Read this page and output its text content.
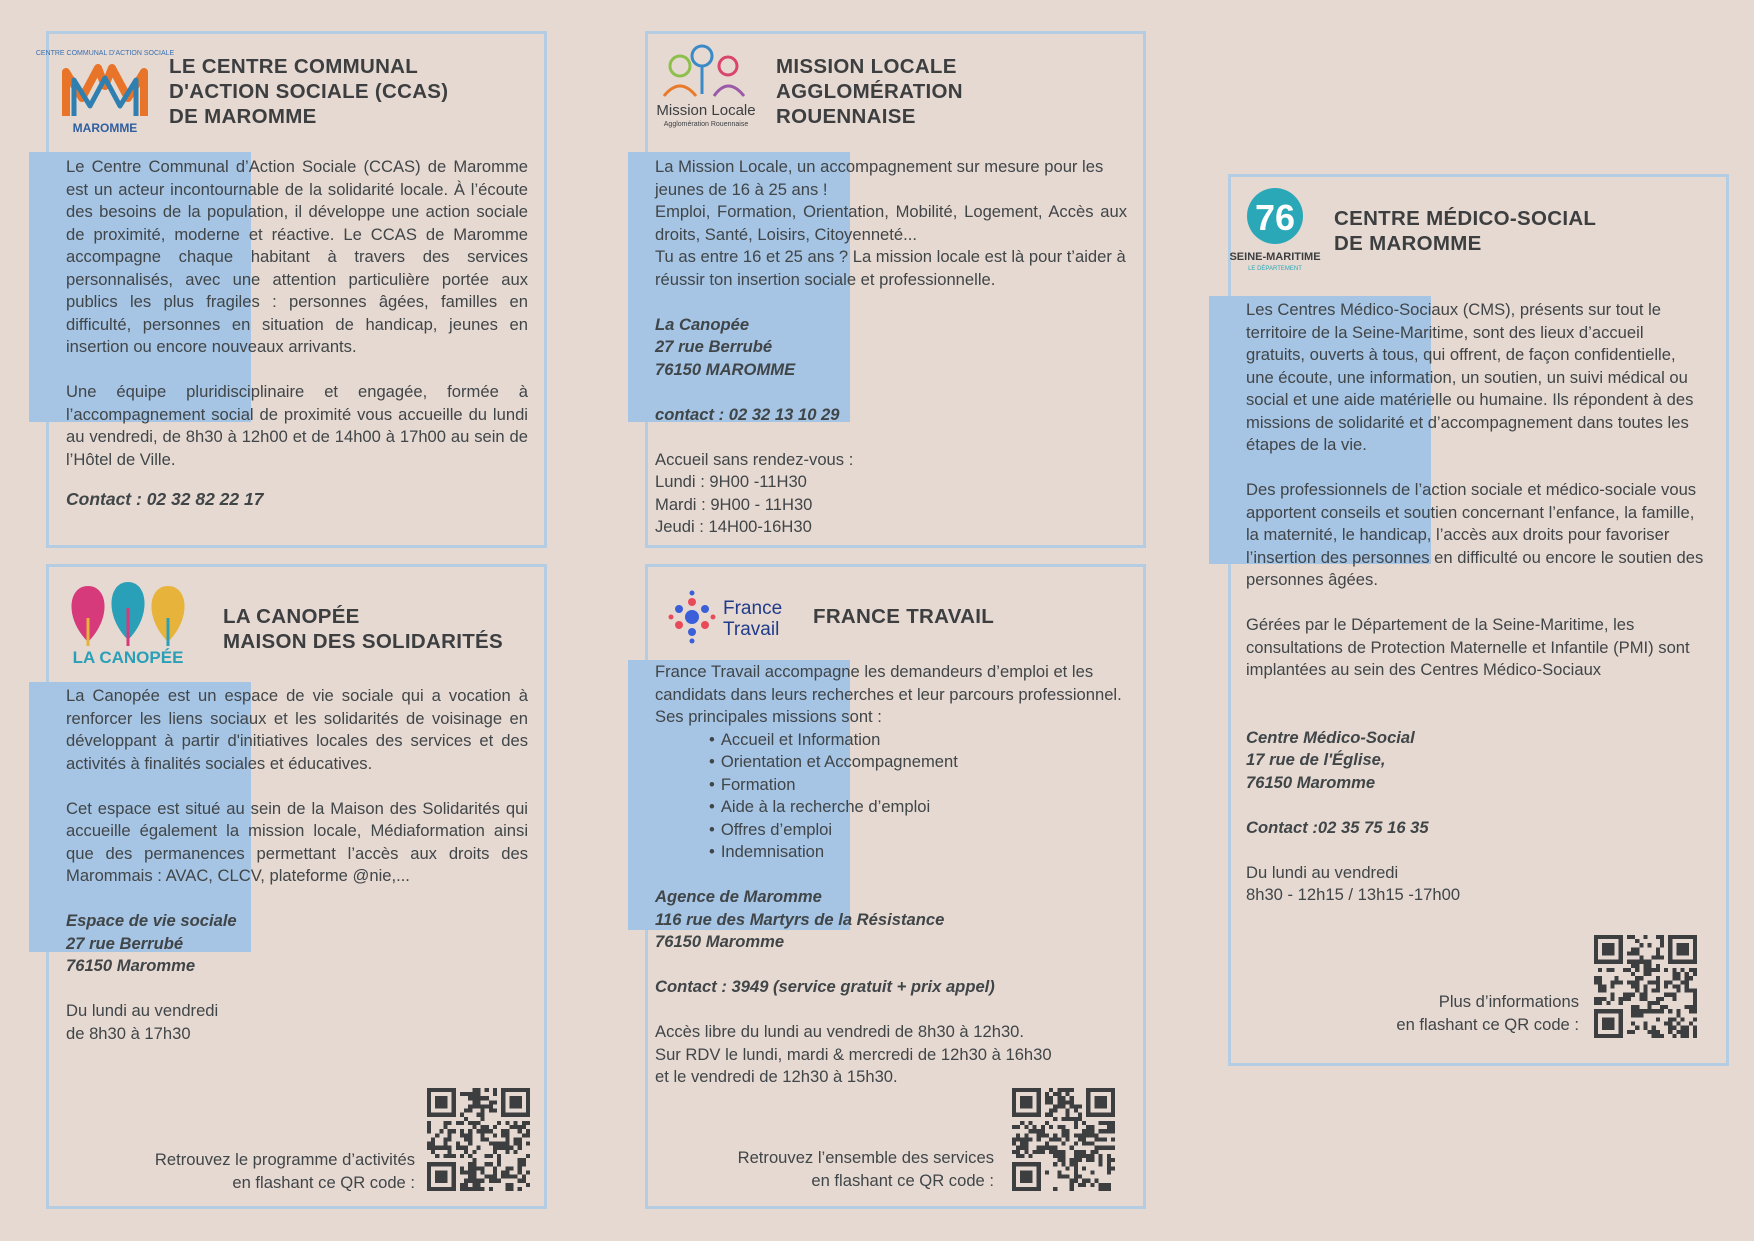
CENTRE COMMUNAL D'ACTION SOCIALE
MAROMME
LE CENTRE COMMUNAL
D'ACTION SOCIALE (CCAS)
DE MAROMME

Le Centre Communal d’Action Sociale (CCAS) de Maromme est un acteur incontournable de la solidarité locale. À l’écoute des besoins de la population, il développe une action sociale de proximité, moderne et réactive. Le CCAS de Maromme accompagne chaque habitant à travers des services personnalisés, avec une attention particulière portée aux publics les plus fragiles : personnes âgées, familles en difficulté, personnes en situation de handicap, jeunes en insertion ou encore nouveaux arrivants.

Une équipe pluridisciplinaire et engagée, formée à l’accompagnement social de proximité vous accueille du lundi au vendredi, de 8h30 à 12h00 et de 14h00 à 17h00 au sein de l’Hôtel de Ville.

Contact : 02 32 82 22 17

Mission Locale
Agglomération Rouennaise
MISSION LOCALE
AGGLOMÉRATION
ROUENNAISE

La Mission Locale, un accompagnement sur mesure pour les jeunes de 16 à 25 ans !

Emploi, Formation, Orientation, Mobilité, Logement, Accès aux droits, Santé, Loisirs, Citoyenneté...

Tu as entre 16 et 25 ans ? La mission locale est là pour t’aider à réussir ton insertion sociale et professionnelle.

La Canopée

27 rue Berrubé

76150 MAROMME

contact : 02 32 13 10 29

Accueil sans rendez-vous :

Lundi : 9H00 -11H30

Mardi : 9H00 - 11H30

Jeudi : 14H00-16H30

76
SEINE-MARITIME
LE DÉPARTEMENT
CENTRE MÉDICO-SOCIAL
DE MAROMME

Les Centres Médico-Sociaux (CMS), présents sur tout le territoire de la Seine-Maritime, sont des lieux d’accueil gratuits, ouverts à tous, qui offrent, de façon confidentielle, une écoute, une information, un soutien, un suivi médical ou social et une aide matérielle ou humaine. Ils répondent à des missions de solidarité et d’accompagnement dans toutes les étapes de la vie.

Des professionnels de l’action sociale et médico-sociale vous apportent conseils et soutien concernant l’enfance, la famille, la maternité, le handicap, l’accès aux droits pour favoriser l’insertion des personnes en difficulté ou encore le soutien des personnes âgées.

Gérées par le Département de la Seine-Maritime, les consultations de Protection Maternelle et Infantile (PMI) sont implantées au sein des Centres Médico-Sociaux

Centre Médico-Social

17 rue de l'Église,

76150 Maromme

Contact :02 35 75 16 35

Du lundi au vendredi

8h30 - 12h15 / 13h15 -17h00

Plus d’informations
en flashant ce QR code :
LA CANOPÉE
LA CANOPÉE
MAISON DES SOLIDARITÉS

La Canopée est un espace de vie sociale qui a vocation à renforcer les liens sociaux et les solidarités de voisinage en développant à partir d'initiatives locales des services et des activités à finalités sociales et éducatives.

Cet espace est situé au sein de la Maison des Solidarités qui accueille également la mission locale, Médiaformation ainsi que des permanences permettant l’accès aux droits des Marommais : AVAC, CLCV, plateforme @nie,...

Espace de vie sociale

27 rue Berrubé

76150 Maromme

Du lundi au vendredi

de 8h30 à 17h30

Retrouvez le programme d’activités
en flashant ce QR code :
France
Travail
FRANCE TRAVAIL

France Travail accompagne les demandeurs d’emploi et les candidats dans leurs recherches et leur parcours professionnel. Ses principales missions sont :

• Accueil et Information
• Orientation et Accompagnement
• Formation
• Aide à la recherche d’emploi
• Offres d’emploi
• Indemnisation

Agence de Maromme

116 rue des Martyrs de la Résistance

76150 Maromme

Contact : 3949 (service gratuit + prix appel)

Accès libre du lundi au vendredi de 8h30 à 12h30.

Sur RDV le lundi, mardi & mercredi de 12h30 à 16h30

et le vendredi de 12h30 à 15h30.

Retrouvez l’ensemble des services
en flashant ce QR code :
